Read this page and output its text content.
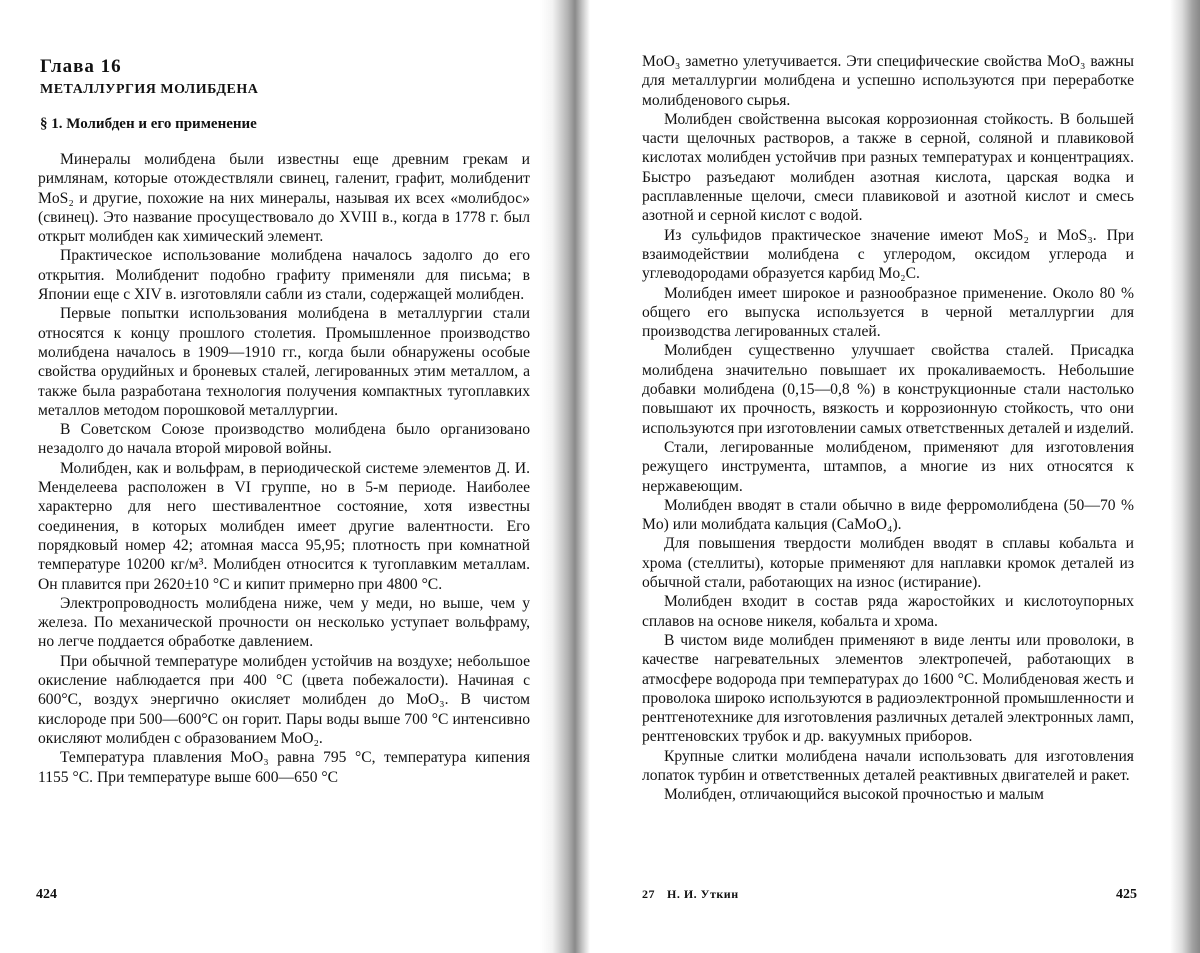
Глава 16
МЕТАЛЛУРГИЯ МОЛИБДЕНА
§ 1. Молибден и его применение

Минералы молибдена были известны еще древним грекам и римлянам, которые отождествляли свинец, галенит, графит, молибденит MoS₂ и другие, похожие на них минералы, называя их всех «молибдос» (свинец). Это название просуществовало до XVIII в., когда в 1778 г. был открыт молибден как химический элемент.

Практическое использование молибдена началось задолго до его открытия. Молибденит подобно графиту применяли для письма; в Японии еще с XIV в. изготовляли сабли из стали, содержащей молибден.

Первые попытки использования молибдена в металлургии стали относятся к концу прошлого столетия. Промышленное производство молибдена началось в 1909—1910 гг., когда были обнаружены особые свойства орудийных и броневых сталей, легированных этим металлом, а также была разработана технология получения компактных тугоплавких металлов методом порошковой металлургии.

В Советском Союзе производство молибдена было организовано незадолго до начала второй мировой войны.

Молибден, как и вольфрам, в периодической системе элементов Д. И. Менделеева расположен в VI группе, но в 5-м периоде. Наиболее характерно для него шестивалентное состояние, хотя известны соединения, в которых молибден имеет другие валентности. Его порядковый номер 42; атомная масса 95,95; плотность при комнатной температуре 10200 кг/м³. Молибден относится к тугоплавким металлам. Он плавится при 2620±10 °С и кипит примерно при 4800 °С.

Электропроводность молибдена ниже, чем у меди, но выше, чем у железа. По механической прочности он несколько уступает вольфраму, но легче поддается обработке давлением.

При обычной температуре молибден устойчив на воздухе; небольшое окисление наблюдается при 400 °С (цвета побежалости). Начиная с 600°С, воздух энергично окисляет молибден до MoO₃. В чистом кислороде при 500—600°С он горит. Пары воды выше 700 °С интенсивно окисляют молибден с образованием MoO₂.

Температура плавления MoO₃ равна 795 °С, температура кипения 1155 °С. При температуре выше 600—650 °С

424

MoO₃ заметно улетучивается. Эти специфические свойства MoO₃ важны для металлургии молибдена и успешно используются при переработке молибденового сырья.

Молибден свойственна высокая коррозионная стойкость. В большей части щелочных растворов, а также в серной, соляной и плавиковой кислотах молибден устойчив при разных температурах и концентрациях. Быстро разъедают молибден азотная кислота, царская водка и расплавленные щелочи, смеси плавиковой и азотной кислот и смесь азотной и серной кислот с водой.

Из сульфидов практическое значение имеют MoS₂ и MoS₃. При взаимодействии молибдена с углеродом, оксидом углерода и углеводородами образуется карбид Mo₂C.

Молибден имеет широкое и разнообразное применение. Около 80 % общего его выпуска используется в черной металлургии для производства легированных сталей.

Молибден существенно улучшает свойства сталей. Присадка молибдена значительно повышает их прокаливаемость. Небольшие добавки молибдена (0,15—0,8 %) в конструкционные стали настолько повышают их прочность, вязкость и коррозионную стойкость, что они используются при изготовлении самых ответственных деталей и изделий.

Стали, легированные молибденом, применяют для изготовления режущего инструмента, штампов, а многие из них относятся к нержавеющим.

Молибден вводят в стали обычно в виде ферромолибдена (50—70 % Mo) или молибдата кальция (CaMoO₄).

Для повышения твердости молибден вводят в сплавы кобальта и хрома (стеллиты), которые применяют для наплавки кромок деталей из обычной стали, работающих на износ (истирание).

Молибден входит в состав ряда жаростойких и кислотоупорных сплавов на основе никеля, кобальта и хрома.

В чистом виде молибден применяют в виде ленты или проволоки, в качестве нагревательных элементов электропечей, работающих в атмосфере водорода при температурах до 1600 °С. Молибденовая жесть и проволока широко используются в радиоэлектронной промышленности и рентгенотехнике для изготовления различных деталей электронных ламп, рентгеновских трубок и др. вакуумных приборов.

Крупные слитки молибдена начали использовать для изготовления лопаток турбин и ответственных деталей реактивных двигателей и ракет.

Молибден, отличающийся высокой прочностью и малым

27 Н. И. Уткин	425
